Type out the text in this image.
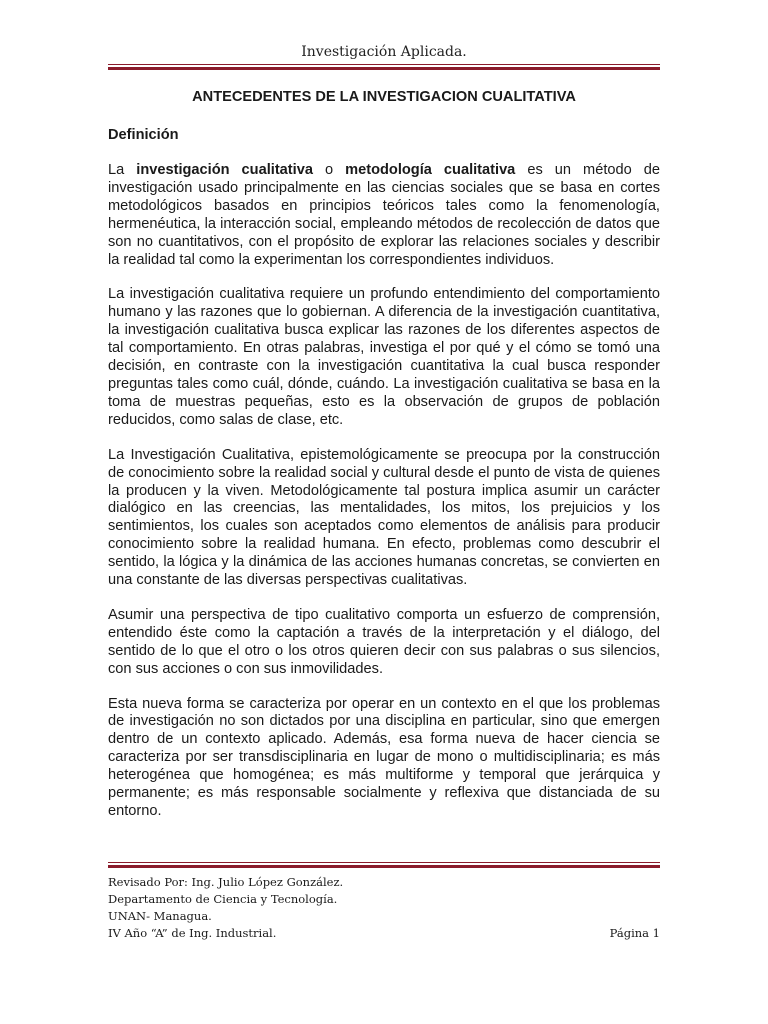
Investigación Aplicada.
ANTECEDENTES DE LA INVESTIGACION CUALITATIVA
Definición

La investigación cualitativa o metodología cualitativa es un método de investigación usado principalmente en las ciencias sociales que se basa en cortes metodológicos basados en principios teóricos tales como la fenomenología, hermenéutica, la interacción social, empleando métodos de recolección de datos que son no cuantitativos, con el propósito de explorar las relaciones sociales y describir la realidad tal como la experimentan los correspondientes individuos.

La investigación cualitativa requiere un profundo entendimiento del comportamiento humano y las razones que lo gobiernan. A diferencia de la investigación cuantitativa, la investigación cualitativa busca explicar las razones de los diferentes aspectos de tal comportamiento. En otras palabras, investiga el por qué y el cómo se tomó una decisión, en contraste con la investigación cuantitativa la cual busca responder preguntas tales como cuál, dónde, cuándo. La investigación cualitativa se basa en la toma de muestras pequeñas, esto es la observación de grupos de población reducidos, como salas de clase, etc.

La Investigación Cualitativa, epistemológicamente se preocupa por la construcción de conocimiento sobre la realidad social y cultural desde el punto de vista de quienes la producen y la viven. Metodológicamente tal postura implica asumir un carácter dialógico en las creencias, las mentalidades, los mitos, los prejuicios y los sentimientos, los cuales son aceptados como elementos de análisis para producir conocimiento sobre la realidad humana. En efecto, problemas como descubrir el sentido, la lógica y la dinámica de las acciones humanas concretas, se convierten en una constante de las diversas perspectivas cualitativas.

Asumir una perspectiva de tipo cualitativo comporta un esfuerzo de comprensión, entendido éste como la captación a través de la interpretación y el diálogo, del sentido de lo que el otro o los otros quieren decir con sus palabras o sus silencios, con sus acciones o con sus inmovilidades.

Esta nueva forma se caracteriza por operar en un contexto en el que los problemas de investigación no son dictados por una disciplina en particular, sino que emergen dentro de un contexto aplicado. Además, esa forma nueva de hacer ciencia se caracteriza por ser transdisciplinaria en lugar de mono o multidisciplinaria; es más heterogénea que homogénea; es más multiforme y temporal que jerárquica y permanente; es más responsable socialmente y reflexiva que distanciada de su entorno.

Revisado Por: Ing. Julio López González.
Departamento de Ciencia y Tecnología.
UNAN- Managua.
IV Año “A” de Ing. Industrial.	Página 1
